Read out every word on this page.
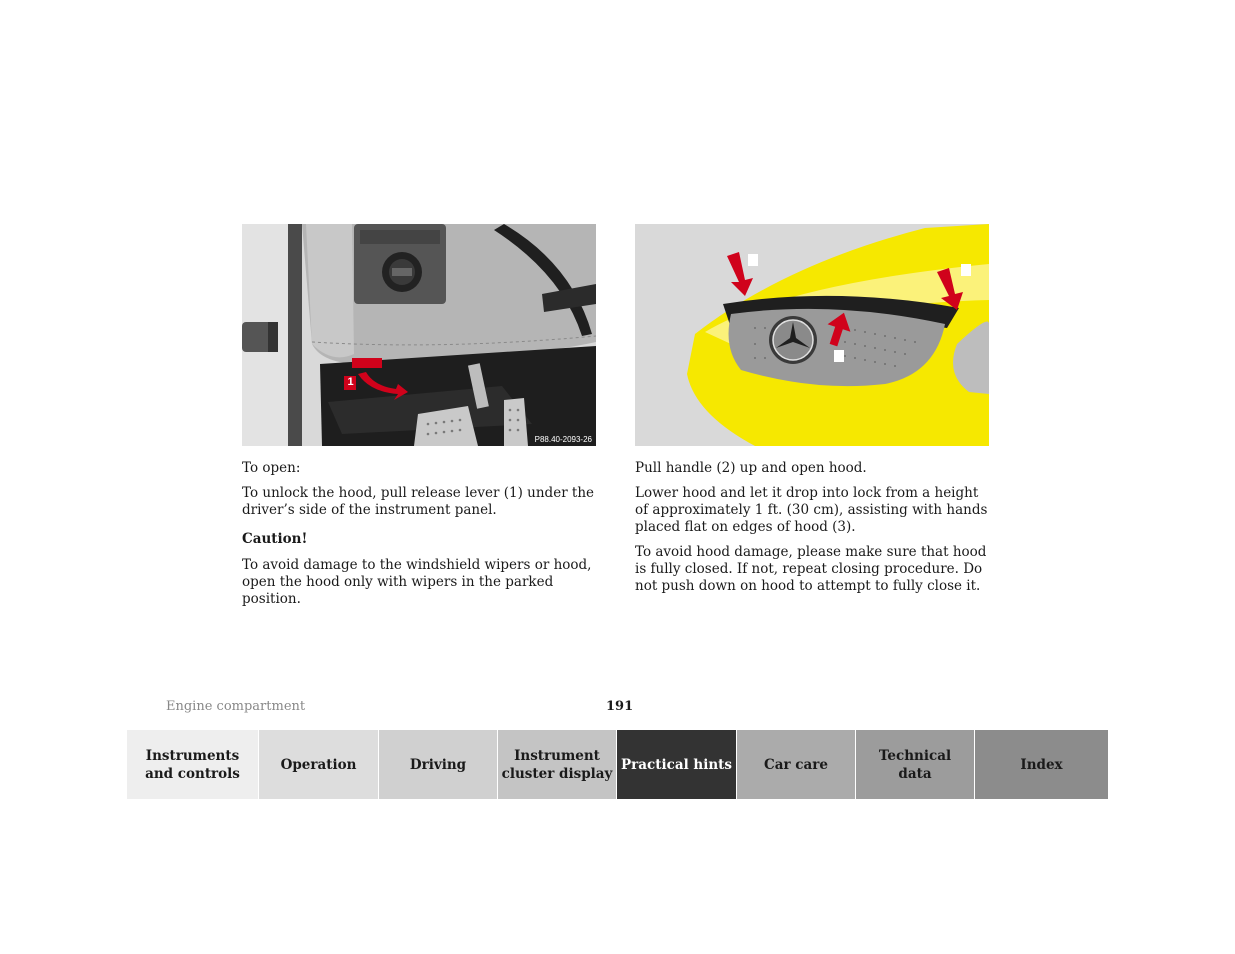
1
P88.40-2093-26

To open:

To unlock the hood, pull release lever (1) under the driver’s side of the instrument panel.

Caution!

To avoid damage to the windshield wipers or hood, open the hood only with wipers in the parked position.

Pull handle (2) up and open hood.

Lower hood and let it drop into lock from a height of approximately 1 ft. (30 cm), assisting with hands placed flat on edges of hood (3).

To avoid hood damage, please make sure that hood is fully closed. If not, repeat closing procedure. Do not push down on hood to attempt to fully close it.

Engine compartment	191
Instruments
and controls
Operation	Driving
Instrument
cluster display
Practical hints Car care
Technical
data
Index
